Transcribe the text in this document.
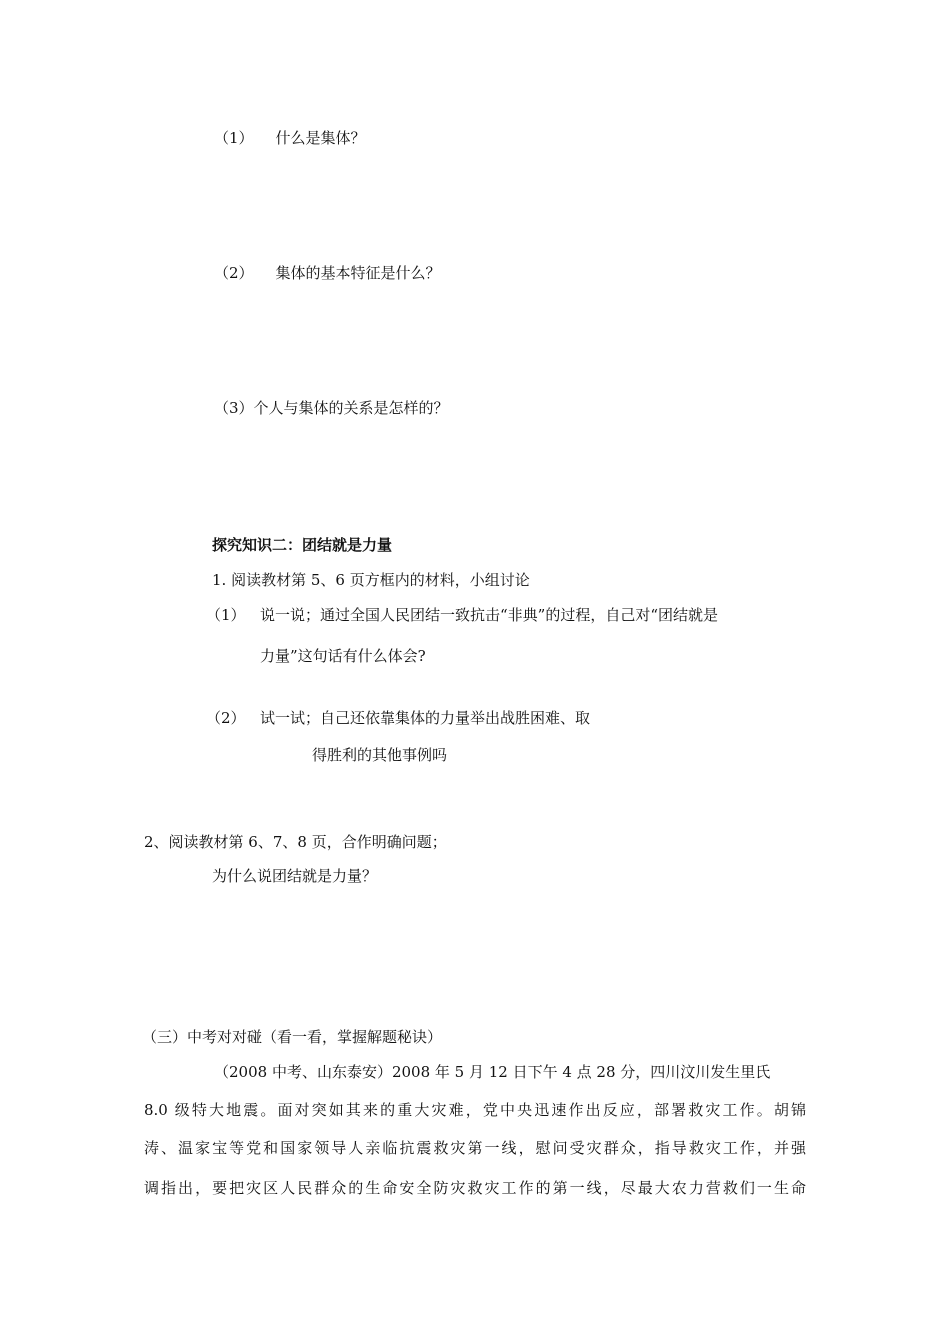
（1） 什么是集体？
（2） 集体的基本特征是什么？
（3）个人与集体的关系是怎样的？
探究知识二：团结就是力量
1. 阅读教材第 5、6 页方框内的材料，小组讨论
（1） 说一说；通过全国人民团结一致抗击“非典”的过程，自己对“团结就是
力量”这句话有什么体会?
（2） 试一试；自己还依靠集体的力量举出战胜困难、取
得胜利的其他事例吗
2、阅读教材第 6、7、8 页，合作明确问题；
为什么说团结就是力量？
（三）中考对对碰（看一看，掌握解题秘诀）
（2008 中考、山东泰安）2008 年 5 月 12 日下午 4 点 28 分，四川汶川发生里氏
8.0 级特大地震。面对突如其来的重大灾难，党中央迅速作出反应，部署救灾工作。胡锦
涛、温家宝等党和国家领导人亲临抗震救灾第一线，慰问受灾群众，指导救灾工作，并强
调指出，要把灾区人民群众的生命安全防灾救灾工作的第一线，尽最大农力营救们一生命
